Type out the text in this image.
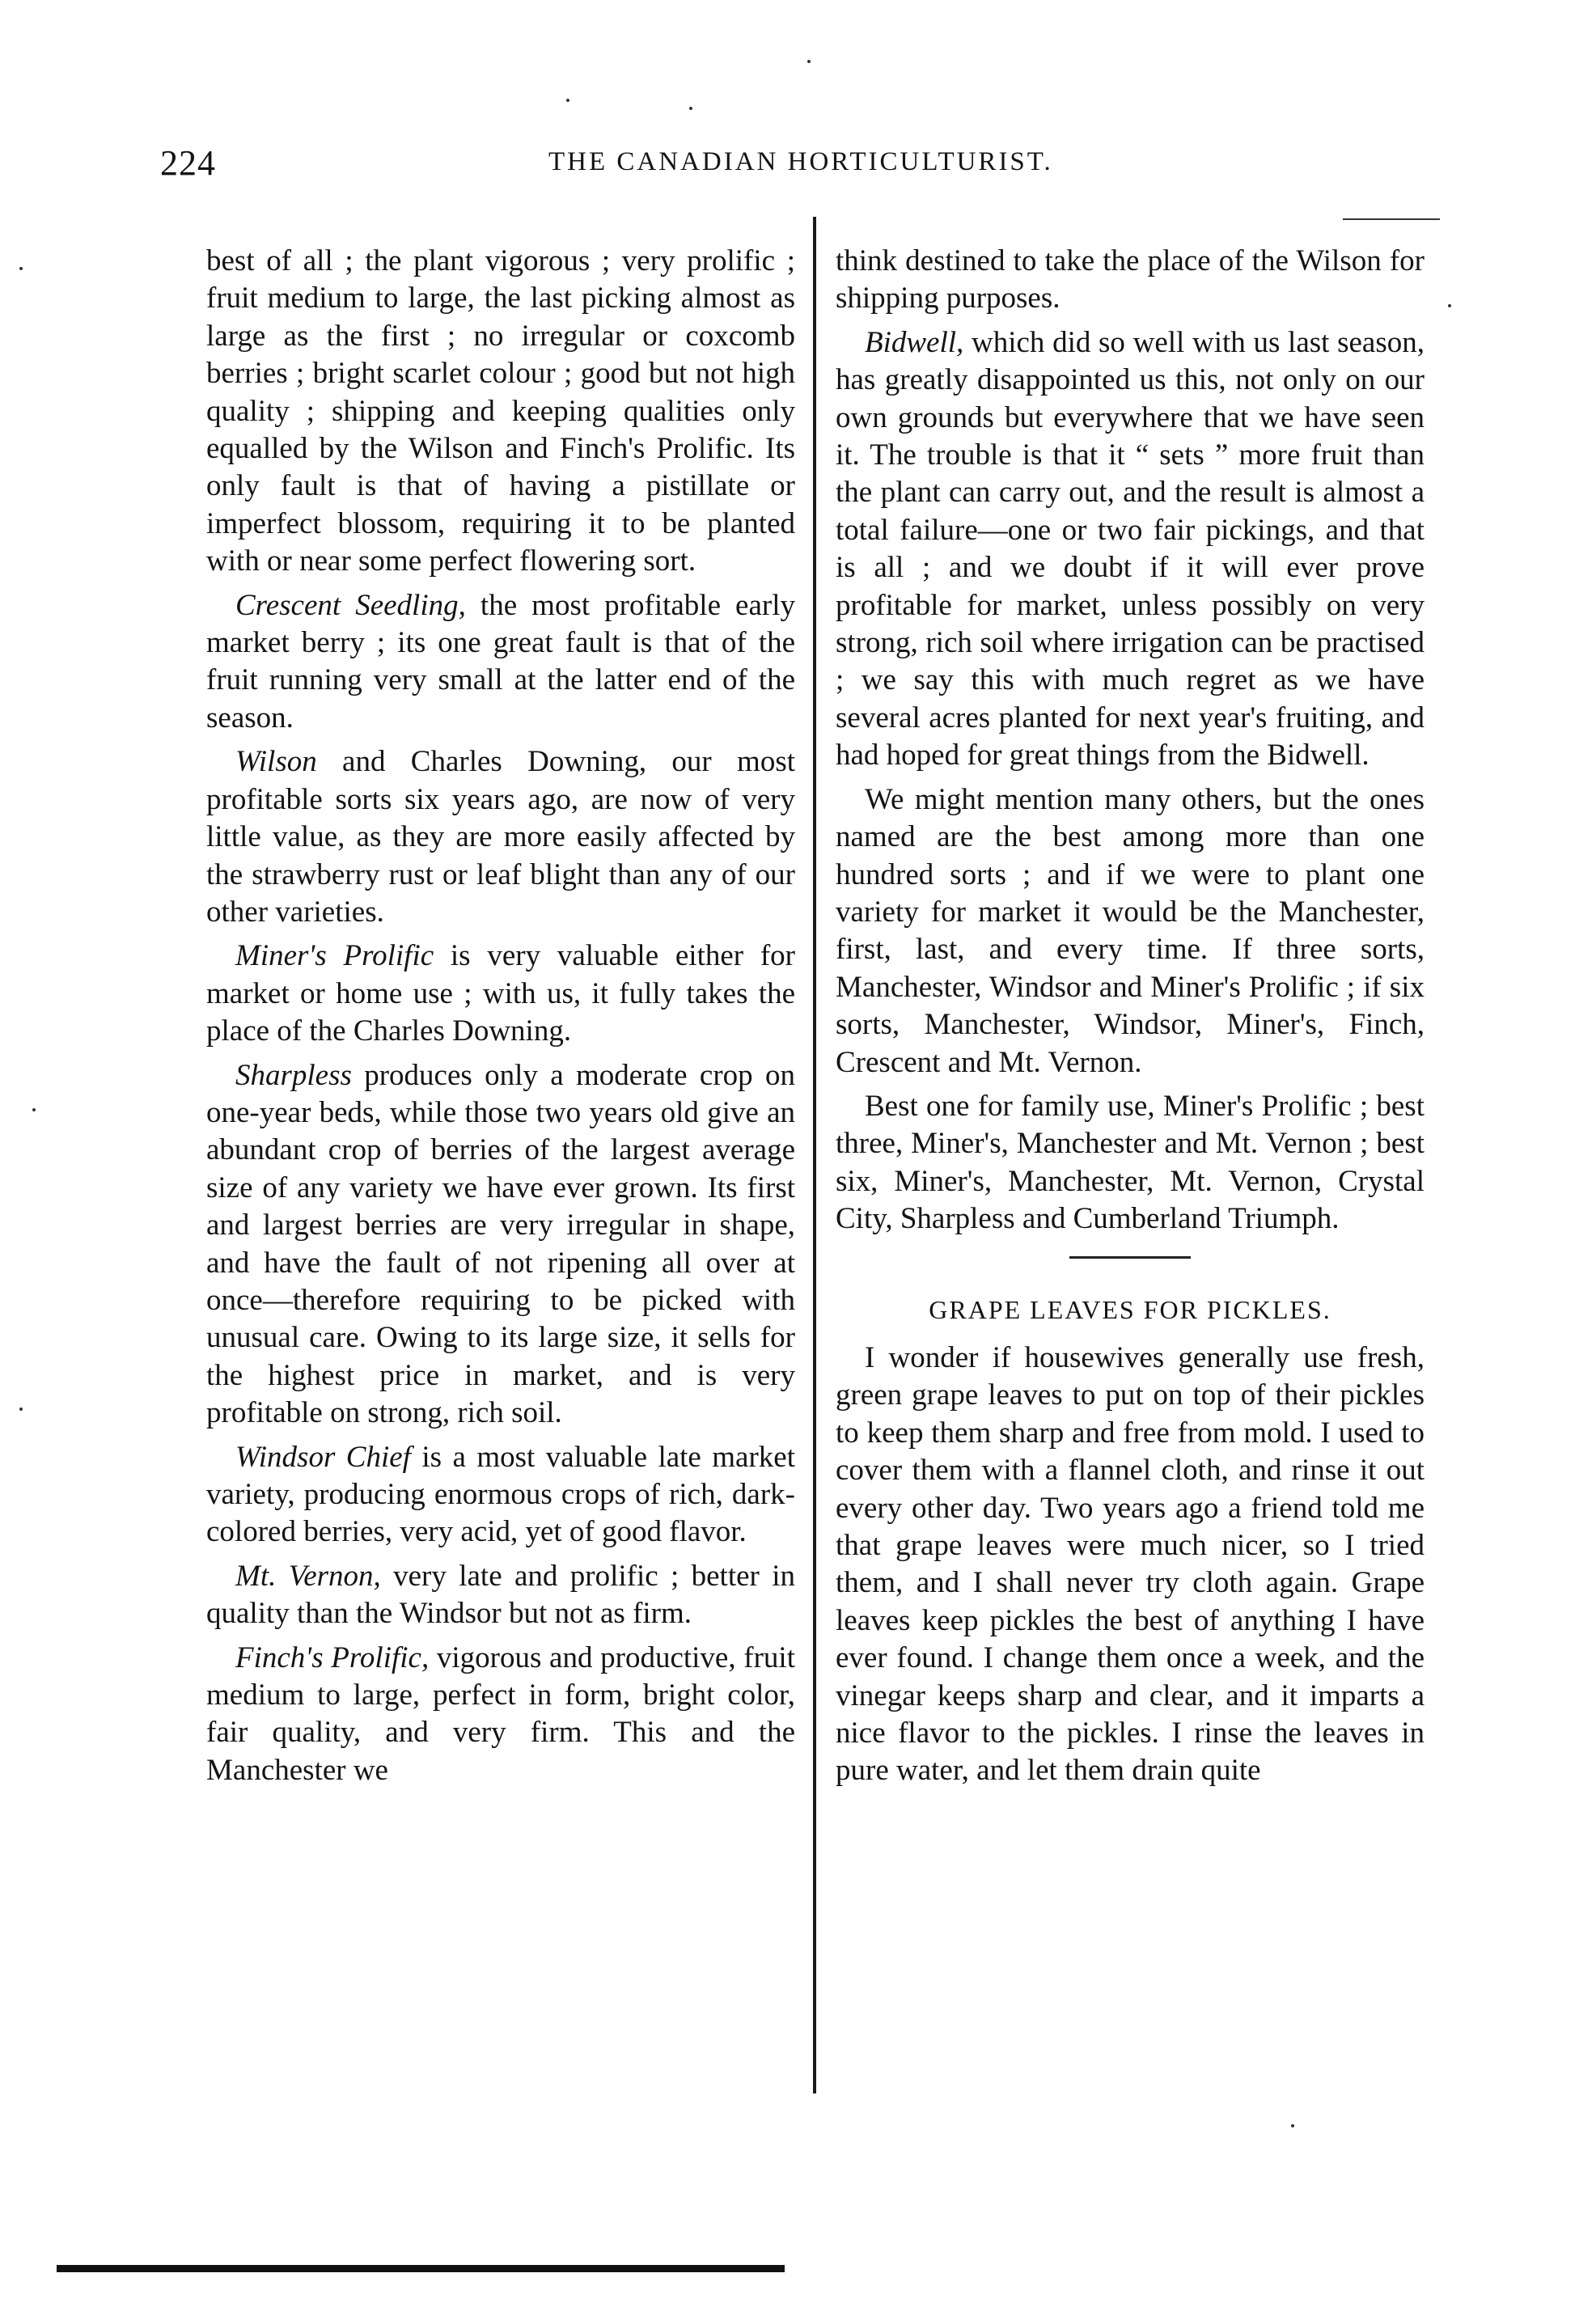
224	THE CANADIAN HORTICULTURIST.

best of all ; the plant vigorous ; very prolific ; fruit medium to large, the last picking almost as large as the first ; no irregular or coxcomb berries ; bright scarlet colour ; good but not high quality ; shipping and keeping qualities only equalled by the Wilson and Finch's Prolific. Its only fault is that of having a pistillate or imperfect blossom, requiring it to be planted with or near some perfect flowering sort.

Crescent Seedling, the most profitable early market berry ; its one great fault is that of the fruit running very small at the latter end of the season.

Wilson and Charles Downing, our most profitable sorts six years ago, are now of very little value, as they are more easily affected by the strawberry rust or leaf blight than any of our other varieties.

Miner's Prolific is very valuable either for market or home use ; with us, it fully takes the place of the Charles Downing.

Sharpless produces only a moderate crop on one-year beds, while those two years old give an abundant crop of berries of the largest average size of any variety we have ever grown. Its first and largest berries are very irregular in shape, and have the fault of not ripening all over at once—therefore requiring to be picked with unusual care. Owing to its large size, it sells for the highest price in market, and is very profitable on strong, rich soil.

Windsor Chief is a most valuable late market variety, producing enormous crops of rich, dark-colored berries, very acid, yet of good flavor.

Mt. Vernon, very late and prolific ; better in quality than the Windsor but not as firm.

Finch's Prolific, vigorous and productive, fruit medium to large, perfect in form, bright color, fair quality, and very firm. This and the Manchester we

think destined to take the place of the Wilson for shipping purposes.

Bidwell, which did so well with us last season, has greatly disappointed us this, not only on our own grounds but everywhere that we have seen it. The trouble is that it “ sets ” more fruit than the plant can carry out, and the result is almost a total failure—one or two fair pickings, and that is all ; and we doubt if it will ever prove profitable for market, unless possibly on very strong, rich soil where irrigation can be practised ; we say this with much regret as we have several acres planted for next year's fruiting, and had hoped for great things from the Bidwell.

We might mention many others, but the ones named are the best among more than one hundred sorts ; and if we were to plant one variety for market it would be the Manchester, first, last, and every time. If three sorts, Manchester, Windsor and Miner's Prolific ; if six sorts, Manchester, Windsor, Miner's, Finch, Crescent and Mt. Vernon.

Best one for family use, Miner's Prolific ; best three, Miner's, Manchester and Mt. Vernon ; best six, Miner's, Manchester, Mt. Vernon, Crystal City, Sharpless and Cumberland Triumph.

GRAPE LEAVES FOR PICKLES.

I wonder if housewives generally use fresh, green grape leaves to put on top of their pickles to keep them sharp and free from mold. I used to cover them with a flannel cloth, and rinse it out every other day. Two years ago a friend told me that grape leaves were much nicer, so I tried them, and I shall never try cloth again. Grape leaves keep pickles the best of anything I have ever found. I change them once a week, and the vinegar keeps sharp and clear, and it imparts a nice flavor to the pickles. I rinse the leaves in pure water, and let them drain quite
